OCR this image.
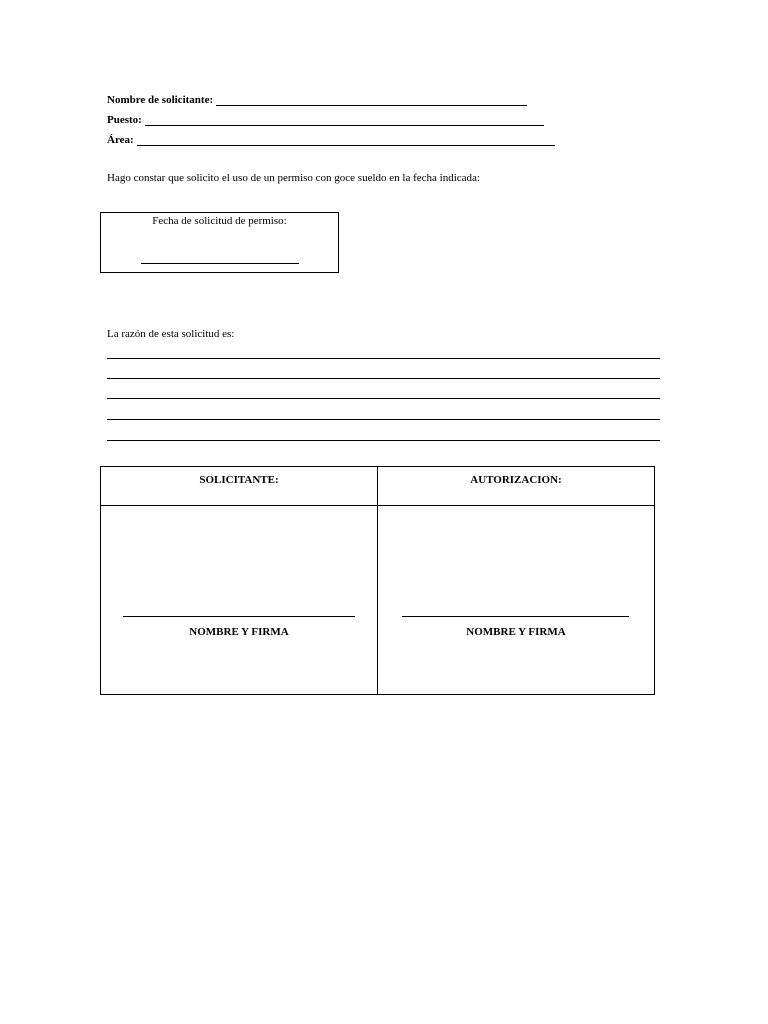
Nombre de solicitante:
Puesto:
Área:
Hago constar que solicito el uso de un permiso con goce sueldo en la fecha indicada:
Fecha de solicitud de permiso:
La razón de esta solicitud es:
SOLICITANTE:
NOMBRE Y FIRMA
AUTORIZACION:
NOMBRE Y FIRMA
